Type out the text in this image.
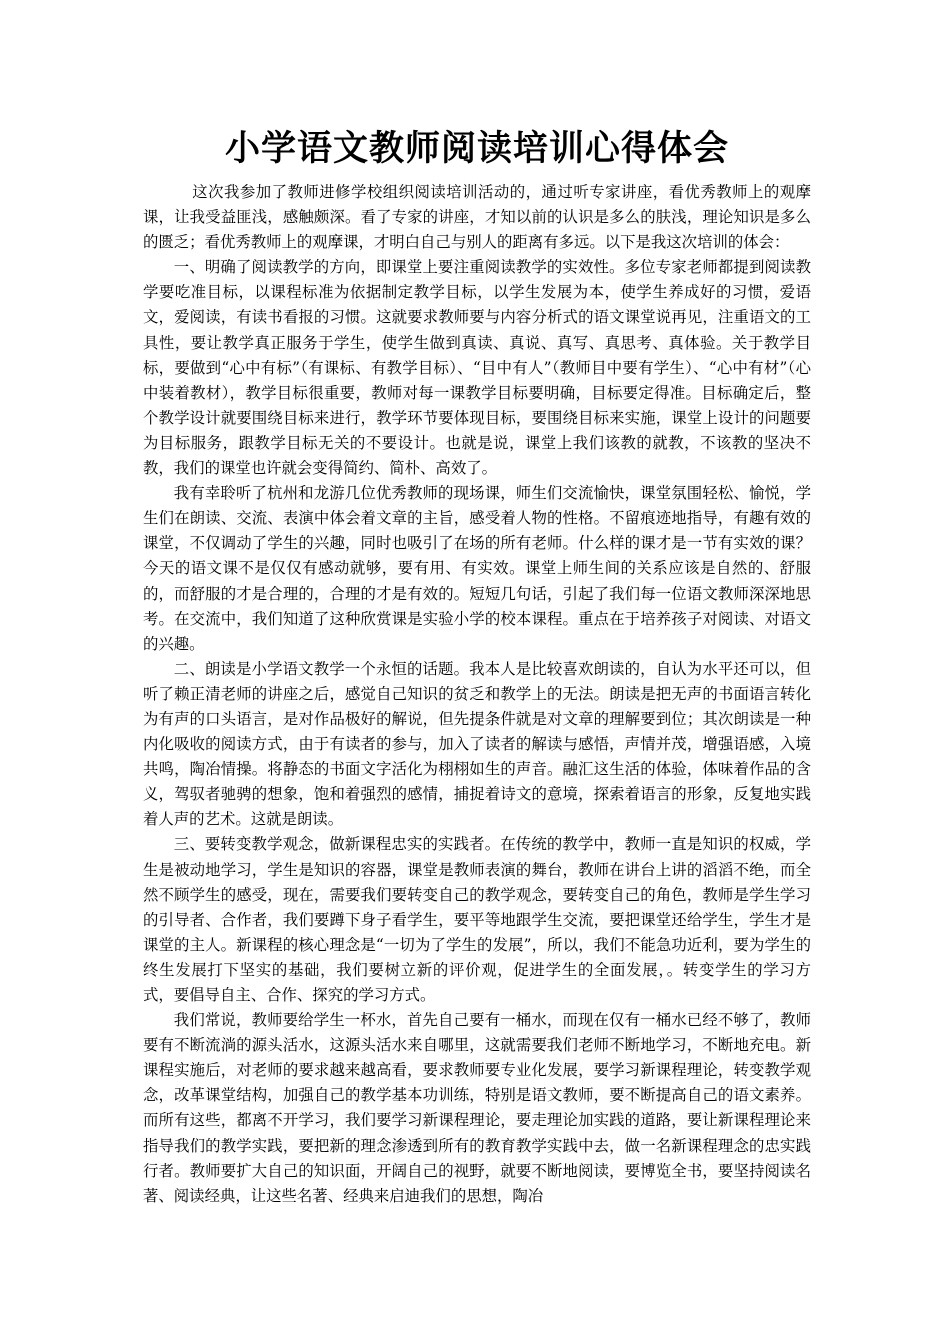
小学语文教师阅读培训心得体会

这次我参加了教师进修学校组织阅读培训活动的，通过听专家讲座，看优秀教师上的观摩课，让我受益匪浅，感触颇深。看了专家的讲座，才知以前的认识是多么的肤浅，理论知识是多么的匮乏；看优秀教师上的观摩课，才明白自己与别人的距离有多远。以下是我这次培训的体会：

一、明确了阅读教学的方向，即课堂上要注重阅读教学的实效性。多位专家老师都提到阅读教学要吃准目标，以课程标准为依据制定教学目标，以学生发展为本，使学生养成好的习惯，爱语文，爱阅读，有读书看报的习惯。这就要求教师要与内容分析式的语文课堂说再见，注重语文的工具性，要让教学真正服务于学生，使学生做到真读、真说、真写、真思考、真体验。关于教学目标，要做到“心中有标”（有课标、有教学目标）、“目中有人”（教师目中要有学生）、“心中有材”（心中装着教材），教学目标很重要，教师对每一课教学目标要明确，目标要定得准。目标确定后，整个教学设计就要围绕目标来进行，教学环节要体现目标，要围绕目标来实施，课堂上设计的问题要为目标服务，跟教学目标无关的不要设计。也就是说，课堂上我们该教的就教，不该教的坚决不教，我们的课堂也许就会变得简约、简朴、高效了。

我有幸聆听了杭州和龙游几位优秀教师的现场课，师生们交流愉快，课堂氛围轻松、愉悦，学生们在朗读、交流、表演中体会着文章的主旨，感受着人物的性格。不留痕迹地指导，有趣有效的课堂，不仅调动了学生的兴趣，同时也吸引了在场的所有老师。什么样的课才是一节有实效的课？今天的语文课不是仅仅有感动就够，要有用、有实效。课堂上师生间的关系应该是自然的、舒服的，而舒服的才是合理的，合理的才是有效的。短短几句话，引起了我们每一位语文教师深深地思考。在交流中，我们知道了这种欣赏课是实验小学的校本课程。重点在于培养孩子对阅读、对语文的兴趣。

二、朗读是小学语文教学一个永恒的话题。我本人是比较喜欢朗读的，自认为水平还可以，但听了赖正清老师的讲座之后，感觉自己知识的贫乏和教学上的无法。朗读是把无声的书面语言转化为有声的口头语言，是对作品极好的解说，但先提条件就是对文章的理解要到位；其次朗读是一种内化吸收的阅读方式，由于有读者的参与，加入了读者的解读与感悟，声情并茂，增强语感，入境共鸣，陶冶情操。将静态的书面文字活化为栩栩如生的声音。融汇这生活的体验，体味着作品的含义，驾驭者驰骋的想象，饱和着强烈的感情，捕捉着诗文的意境，探索着语言的形象，反复地实践着人声的艺术。这就是朗读。

三、要转变教学观念，做新课程忠实的实践者。在传统的教学中，教师一直是知识的权威，学生是被动地学习，学生是知识的容器，课堂是教师表演的舞台，教师在讲台上讲的滔滔不绝，而全然不顾学生的感受，现在，需要我们要转变自己的教学观念，要转变自己的角色，教师是学生学习的引导者、合作者，我们要蹲下身子看学生，要平等地跟学生交流，要把课堂还给学生，学生才是课堂的主人。新课程的核心理念是“一切为了学生的发展”，所以，我们不能急功近利，要为学生的终生发展打下坚实的基础，我们要树立新的评价观，促进学生的全面发展，。转变学生的学习方式，要倡导自主、合作、探究的学习方式。

我们常说，教师要给学生一杯水，首先自己要有一桶水，而现在仅有一桶水已经不够了，教师要有不断流淌的源头活水，这源头活水来自哪里，这就需要我们老师不断地学习，不断地充电。新课程实施后，对老师的要求越来越高看，要求教师要专业化发展，要学习新课程理论，转变教学观念，改革课堂结构，加强自己的教学基本功训练，特别是语文教师，要不断提高自己的语文素养。而所有这些，都离不开学习，我们要学习新课程理论，要走理论加实践的道路，要让新课程理论来指导我们的教学实践，要把新的理念渗透到所有的教育教学实践中去，做一名新课程理念的忠实践行者。教师要扩大自己的知识面，开阔自己的视野，就要不断地阅读，要博览全书，要坚持阅读名著、阅读经典，让这些名著、经典来启迪我们的思想，陶冶
